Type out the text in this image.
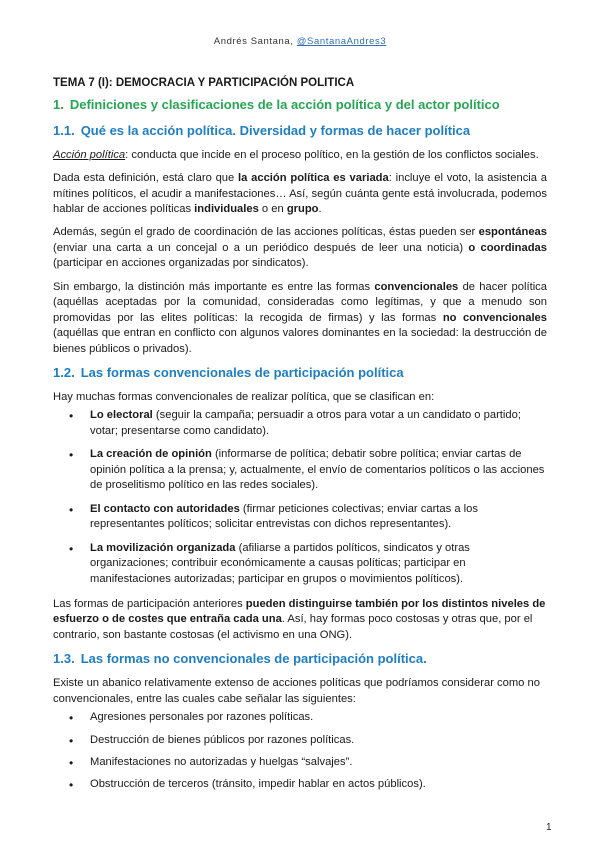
Andrés Santana, @SantanaAndres3
TEMA 7 (I): DEMOCRACIA Y PARTICIPACIÓN POLITICA
1. Definiciones y clasificaciones de la acción política y del actor político
1.1. Qué es la acción política. Diversidad y formas de hacer política

Acción política: conducta que incide en el proceso político, en la gestión de los conflictos sociales.

Dada esta definición, está claro que la acción política es variada: incluye el voto, la asistencia a mítines políticos, el acudir a manifestaciones… Así, según cuánta gente está involucrada, podemos hablar de acciones políticas individuales o en grupo.

Además, según el grado de coordinación de las acciones políticas, éstas pueden ser espontáneas (enviar una carta a un concejal o a un periódico después de leer una noticia) o coordinadas (participar en acciones organizadas por sindicatos).

Sin embargo, la distinción más importante es entre las formas convencionales de hacer política (aquéllas aceptadas por la comunidad, consideradas como legítimas, y que a menudo son promovidas por las elites políticas: la recogida de firmas) y las formas no convencionales (aquéllas que entran en conflicto con algunos valores dominantes en la sociedad: la destrucción de bienes públicos o privados).

1.2. Las formas convencionales de participación política

Hay muchas formas convencionales de realizar política, que se clasifican en:

• Lo electoral (seguir la campaña; persuadir a otros para votar a un candidato o partido; votar; presentarse como candidato).
• La creación de opinión (informarse de política; debatir sobre política; enviar cartas de opinión política a la prensa; y, actualmente, el envío de comentarios políticos o las acciones de proselitismo político en las redes sociales).
• El contacto con autoridades (firmar peticiones colectivas; enviar cartas a los representantes políticos; solicitar entrevistas con dichos representantes).
• La movilización organizada (afiliarse a partidos políticos, sindicatos y otras organizaciones; contribuir económicamente a causas políticas; participar en manifestaciones autorizadas; participar en grupos o movimientos políticos).

Las formas de participación anteriores pueden distinguirse también por los distintos niveles de esfuerzo o de costes que entraña cada una. Así, hay formas poco costosas y otras que, por el contrario, son bastante costosas (el activismo en una ONG).

1.3. Las formas no convencionales de participación política.

Existe un abanico relativamente extenso de acciones políticas que podríamos considerar como no convencionales, entre las cuales cabe señalar las siguientes:

• Agresiones personales por razones políticas.
• Destrucción de bienes públicos por razones políticas.
• Manifestaciones no autorizadas y huelgas “salvajes”.
• Obstrucción de terceros (tránsito, impedir hablar en actos públicos).
1
